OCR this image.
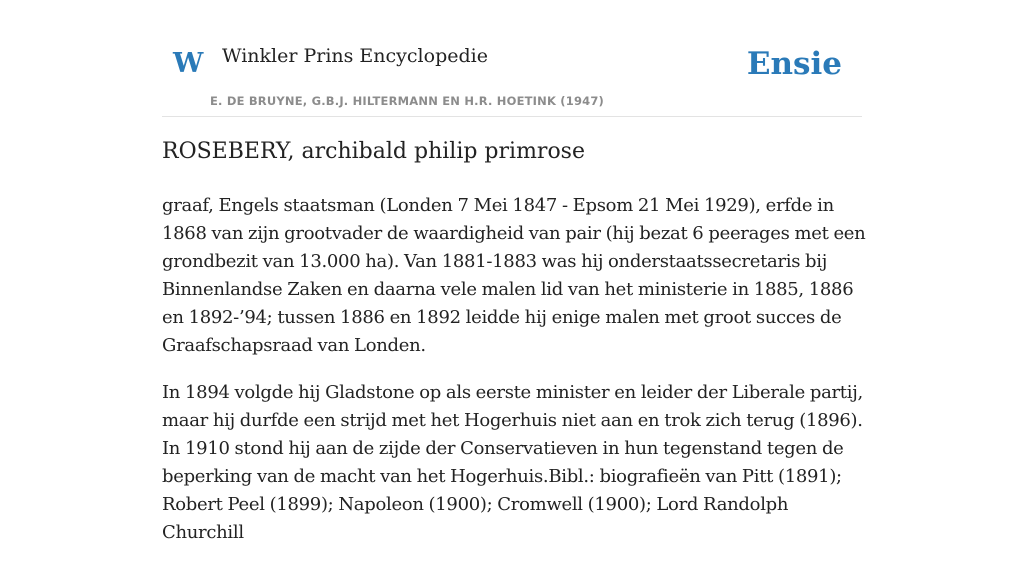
W Winkler Prins Encyclopedie
E. DE BRUYNE, G.B.J. HILTERMANN EN H.R. HOETINK (1947)
Ensie
ROSEBERY, archibald philip primrose

graaf, Engels staatsman (Londen 7 Mei 1847 - Epsom 21 Mei 1929), erfde in 1868 van zijn grootvader de waardigheid van pair (hij bezat 6 peerages met een grondbezit van 13.000 ha). Van 1881-1883 was hij onderstaatssecretaris bij Binnenlandse Zaken en daarna vele malen lid van het ministerie in 1885, 1886 en 1892-’94; tussen 1886 en 1892 leidde hij enige malen met groot succes de Graafschapsraad van Londen.

In 1894 volgde hij Gladstone op als eerste minister en leider der Liberale partij, maar hij durfde een strijd met het Hogerhuis niet aan en trok zich terug (1896). In 1910 stond hij aan de zijde der Conservatieven in hun tegenstand tegen de beperking van de macht van het Hogerhuis.Bibl.: biografieën van Pitt (1891); Robert Peel (1899); Napoleon (1900); Cromwell (1900); Lord Randolph Churchill
